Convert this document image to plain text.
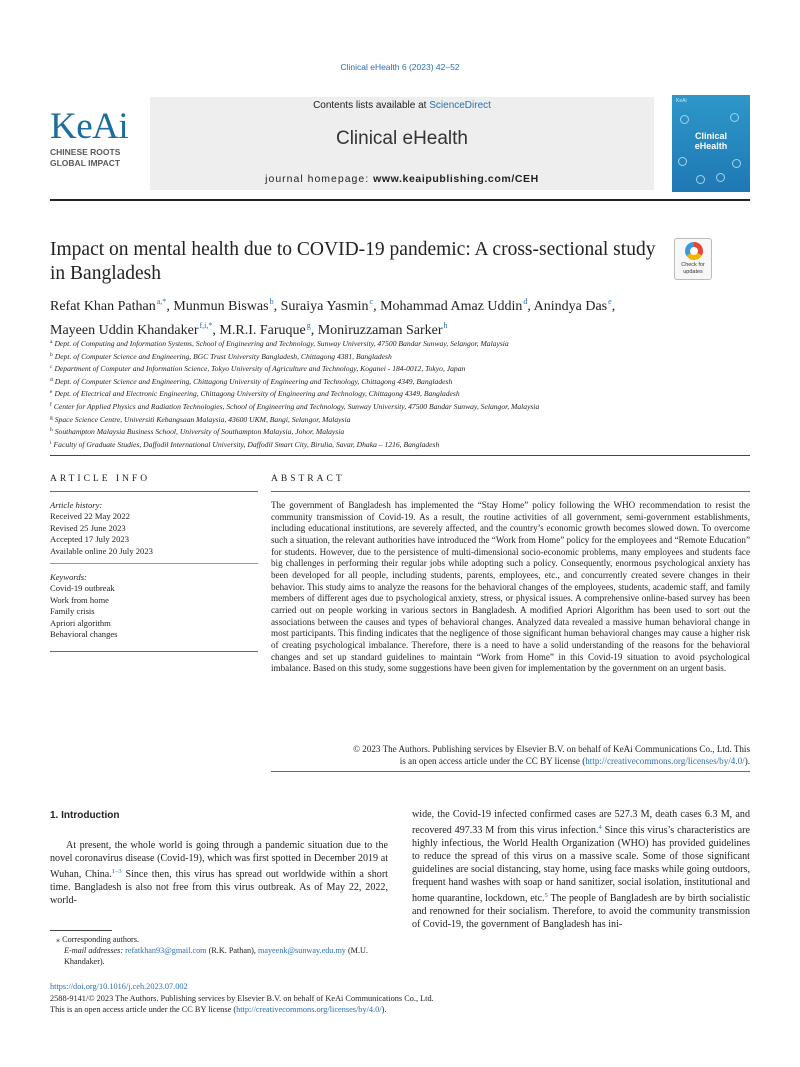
Clinical eHealth 6 (2023) 42–52
KeAi
CHINESE ROOTS
GLOBAL IMPACT
Contents lists available at ScienceDirect
Clinical eHealth
journal homepage: www.keaipublishing.com/CEH
KeAi
Clinical
eHealth
Impact on mental health due to COVID-19 pandemic: A cross-sectional study in Bangladesh	Check for
updates
Refat Khan Pathan$^{a,*}$, Munmun Biswas$^b$, Suraiya Yasmin$^c$, Mohammad Amaz Uddin$^d$, Anindya Das$^e$,
Mayeen Uddin Khandaker$^{f,i,*}$, M.R.I. Faruque$^g$, Moniruzzaman Sarker$^h$
$^a$ Dept. of Computing and Information Systems, School of Engineering and Technology, Sunway University, 47500 Bandar Sunway, Selangor, Malaysia
$^b$ Dept. of Computer Science and Engineering, BGC Trust University Bangladesh, Chittagong 4381, Bangladesh
$^c$ Department of Computer and Information Science, Tokyo University of Agriculture and Technology, Koganei - 184-0012, Tokyo, Japan
$^d$ Dept. of Computer Science and Engineering, Chittagong University of Engineering and Technology, Chittagong 4349, Bangladesh
$^e$ Dept. of Electrical and Electronic Engineering, Chittagong University of Engineering and Technology, Chittagong 4349, Bangladesh
$^f$ Center for Applied Physics and Radiation Technologies, School of Engineering and Technology, Sunway University, 47500 Bandar Sunway, Selangor, Malaysia
$^g$ Space Science Centre, Universiti Kebangsaan Malaysia, 43600 UKM, Bangi, Selangor, Malaysia
$^h$ Southampton Malaysia Business School, University of Southampton Malaysia, Johor, Malaysia
$^i$ Faculty of Graduate Studies, Daffodil International University, Daffodil Smart City, Birulia, Savar, Dhaka – 1216, Bangladesh
ARTICLE INFO
Article history:
Received 22 May 2022
Revised 25 June 2023
Accepted 17 July 2023
Available online 20 July 2023
Keywords:
Covid-19 outbreak
Work from home
Family crisis
Apriori algorithm
Behavioral changes
ABSTRACT
The government of Bangladesh has implemented the “Stay Home” policy following the WHO recommendation to resist the community transmission of Covid-19. As a result, the routine activities of all government, semi-government establishments, including educational institutions, are severely affected, and the country’s economic growth becomes slowed down. To overcome such a situation, the relevant authorities have introduced the “Work from Home” policy for the employees and “Remote Education” for students. However, due to the persistence of multi-dimensional socio-economic problems, many employees and students face big challenges in performing their regular jobs while adopting such a policy. Consequently, enormous psychological anxiety has been developed for all people, including students, parents, employees, etc., and concurrently created severe changes in their behavior. This study aims to analyze the reasons for the behavioral changes of the employees, students, academic staff, and family members of different ages due to psychological anxiety, stress, or physical issues. A comprehensive online-based survey has been carried out on people working in various sectors in Bangladesh. A modified Apriori Algorithm has been used to sort out the associations between the causes and types of behavioral changes. Analyzed data revealed a massive human behavioral change in most participants. This finding indicates that the negligence of those significant human behavioral changes may cause a higher risk of creating psychological imbalance. Therefore, there is a need to have a solid understanding of the reasons for the behavioral changes and set up standard guidelines to maintain “Work from Home” in this Covid-19 situation to avoid psychological imbalance. Based on this study, some suggestions have been given for implementation by the government on an urgent basis.
© 2023 The Authors. Publishing services by Elsevier B.V. on behalf of KeAi Communications Co., Ltd. This
is an open access article under the CC BY license (http://creativecommons.org/licenses/by/4.0/).
1. Introduction

At present, the whole world is going through a pandemic situation due to the novel coronavirus disease (Covid-19), which was first spotted in December 2019 at Wuhan, China.$^{1-3}$ Since then, this virus has spread out worldwide within a short time. Bangladesh is also not free from this virus outbreak. As of May 22, 2022, world-

wide, the Covid-19 infected confirmed cases are 527.3 M, death cases 6.3 M, and recovered 497.33 M from this virus infection.$^4$ Since this virus’s characteristics are highly infectious, the World Health Organization (WHO) has provided guidelines to reduce the spread of this virus on a massive scale. Some of those significant guidelines are social distancing, stay home, using face masks while going outdoors, frequent hand washes with soap or hand sanitizer, social isolation, institutional and home quarantine, lockdown, etc.$^5$ The people of Bangladesh are by birth socialistic and renowned for their socialism. Therefore, to avoid the community transmission of Covid-19, the government of Bangladesh has ini-

⁎ Corresponding authors.
E-mail addresses: refatkhan93@gmail.com (R.K. Pathan), mayeenk@sunway.edu.my (M.U. Khandaker).
https://doi.org/10.1016/j.ceh.2023.07.002
2588-9141/© 2023 The Authors. Publishing services by Elsevier B.V. on behalf of KeAi Communications Co., Ltd.
This is an open access article under the CC BY license (http://creativecommons.org/licenses/by/4.0/).
